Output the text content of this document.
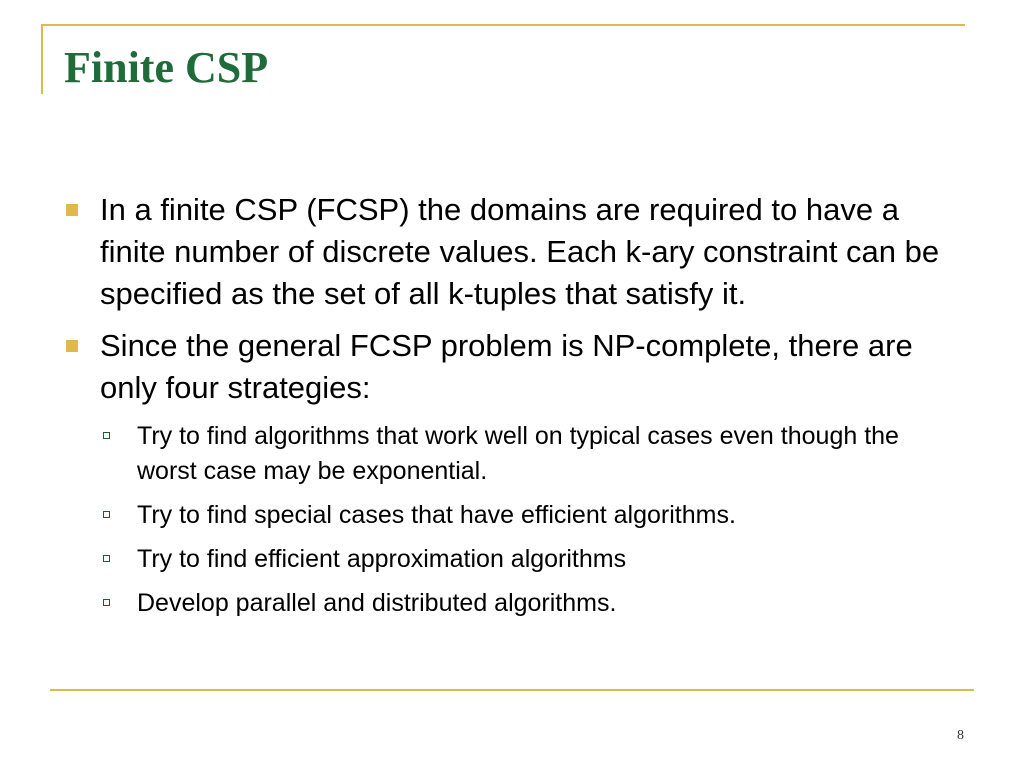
Finite CSP
In a finite CSP (FCSP) the domains are required to have a finite number of discrete values. Each k-ary constraint can be specified as the set of all k-tuples that satisfy it.
Since the general FCSP problem is NP-complete, there are only four strategies:
Try to find algorithms that work well on typical cases even though the worst case may be exponential.
Try to find special cases that have efficient algorithms.
Try to find efficient approximation algorithms
Develop parallel and distributed algorithms.
8
